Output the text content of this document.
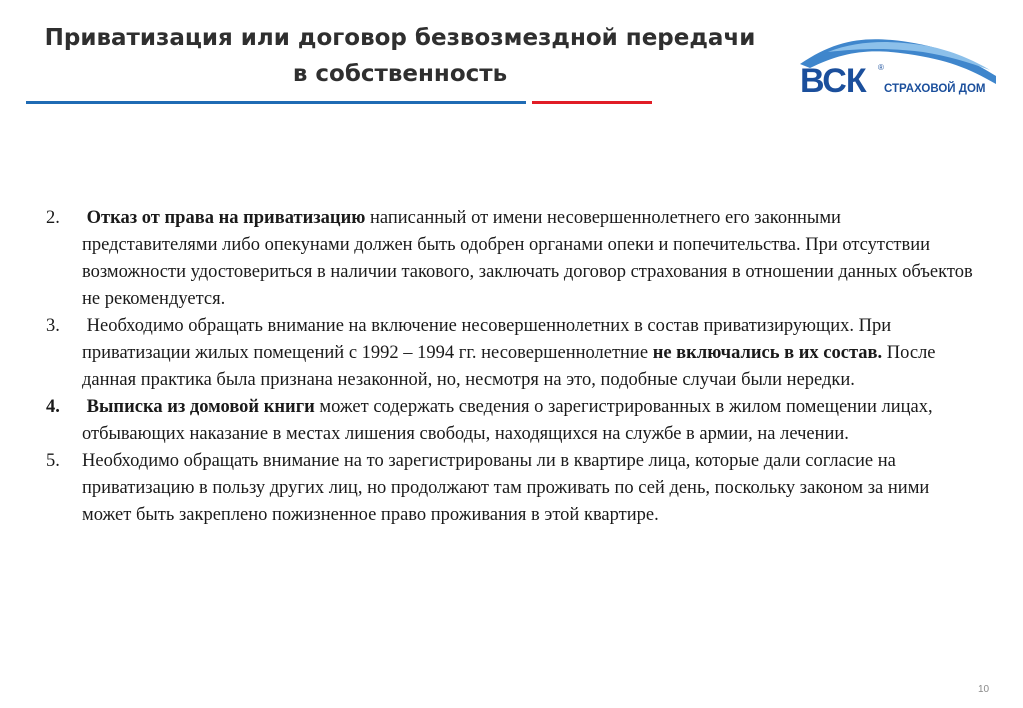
Приватизация или договор безвозмездной передачи
в собственность	ВСК ®
СТРАХОВОЙ ДОМ
2. Отказ от права на приватизацию написанный от имени несовершеннолетнего его законными представителями либо опекунами должен быть одобрен органами опеки и попечительства. При отсутствии возможности удостовериться в наличии такового, заключать договор страхования в отношении данных объектов не рекомендуется.
3. Необходимо обращать внимание на включение несовершеннолетних в состав приватизирующих. При приватизации жилых помещений с 1992 – 1994 гг. несовершеннолетние не включались в их состав. После данная практика была признана незаконной, но, несмотря на это, подобные случаи были нередки.
4. Выписка из домовой книги может содержать сведения о зарегистрированных в жилом помещении лицах, отбывающих наказание в местах лишения свободы, находящихся на службе в армии, на лечении.
5. Необходимо обращать внимание на то зарегистрированы ли в квартире лица, которые дали согласие на приватизацию в пользу других лиц, но продолжают там проживать по сей день, поскольку законом за ними может быть закреплено пожизненное право проживания в этой квартире.
10
